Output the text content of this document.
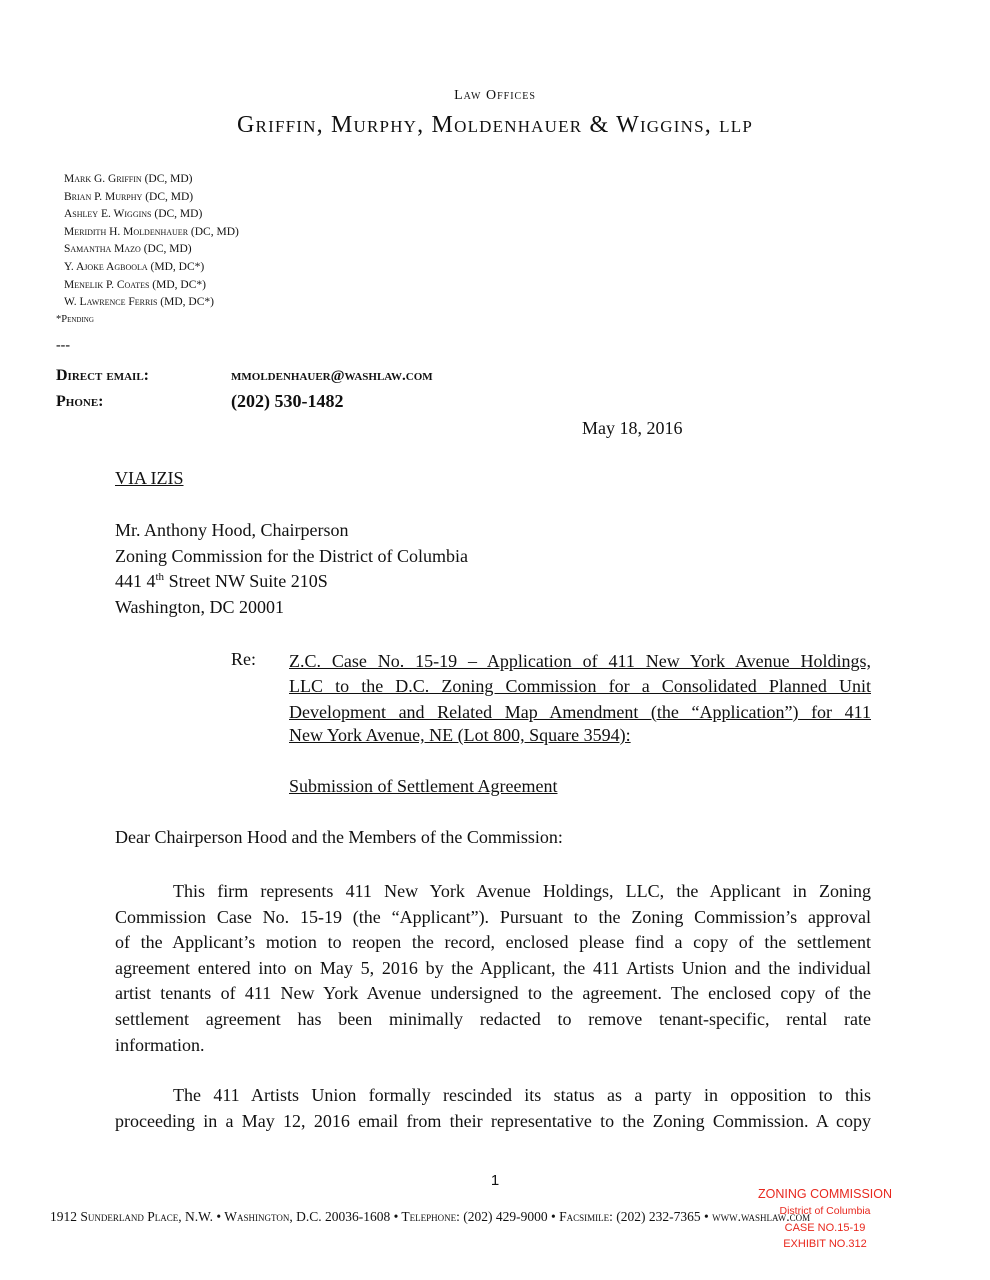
Law Offices
Griffin, Murphy, Moldenhauer & Wiggins, llp
Mark G. Griffin (DC, MD)
Brian P. Murphy (DC, MD)
Ashley E. Wiggins (DC, MD)
Meridith H. Moldenhauer (DC, MD)
Samantha Mazo (DC, MD)
Y. Ajoke Agboola (MD, DC*)
Menelik P. Coates (MD, DC*)
W. Lawrence Ferris (MD, DC*)
*Pending
---
Direct email:	mmoldenhauer@washlaw.com
Phone:	(202) 530-1482
May 18, 2016
VIA IZIS
Mr. Anthony Hood, Chairperson
Zoning Commission for the District of Columbia
441 4th Street NW Suite 210S
Washington, DC 20001
Re: Z.C. Case No. 15-19 – Application of 411 New York Avenue Holdings,
LLC to the D.C. Zoning Commission for a Consolidated Planned Unit
Development and Related Map Amendment (the “Application”) for 411
New York Avenue, NE (Lot 800, Square 3594):
Submission of Settlement Agreement
Dear Chairperson Hood and the Members of the Commission:
This firm represents 411 New York Avenue Holdings, LLC, the Applicant in Zoning
Commission Case No. 15-19 (the “Applicant”). Pursuant to the Zoning Commission’s approval
of the Applicant’s motion to reopen the record, enclosed please find a copy of the settlement
agreement entered into on May 5, 2016 by the Applicant, the 411 Artists Union and the individual
artist tenants of 411 New York Avenue undersigned to the agreement. The enclosed copy of the
settlement agreement has been minimally redacted to remove tenant-specific, rental rate
information.
The 411 Artists Union formally rescinded its status as a party in opposition to this
proceeding in a May 12, 2016 email from their representative to the Zoning Commission. A copy
1
1912 Sunderland Place, N.W. • Washington, D.C. 20036-1608 • Telephone: (202) 429-9000 • Facsimile: (202) 232-7365 • www.washlaw.com
ZONING COMMISSION
District of Columbia
CASE NO.15-19
EXHIBIT NO.312
